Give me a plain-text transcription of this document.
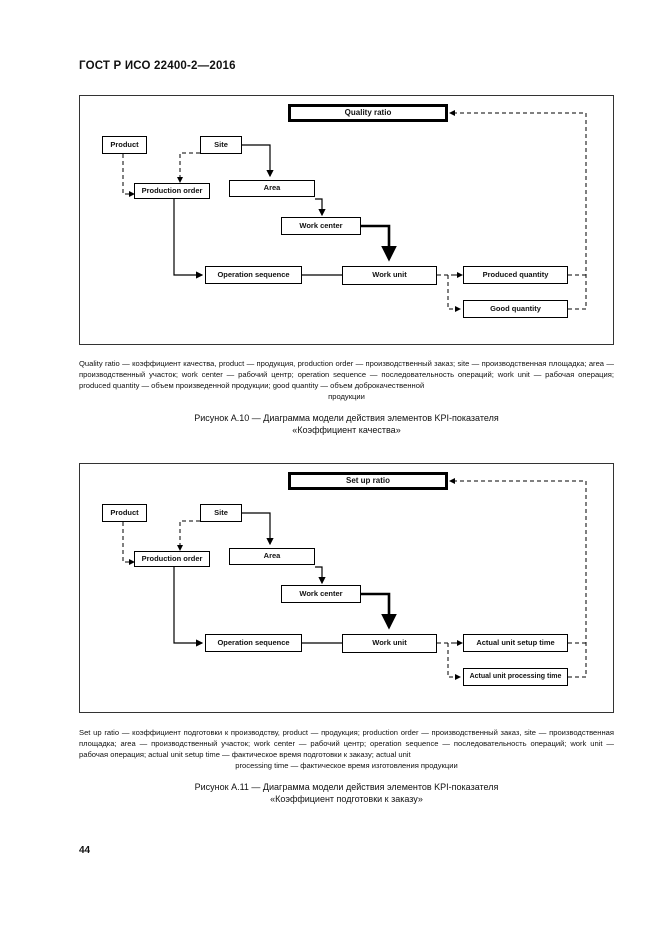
ГОСТ Р ИСО 22400-2—2016
Quality ratio
Product	Site
Production order	Area
Work center
Operation sequence	Work unit	Produced quantity
Good quantity
Quality ratio — коэффициент качества, product — продукция, production order — производственный заказ; site — производственная площадка; area — производственный участок; work center — рабочий центр; operation sequence — последовательность операций; work unit — рабочая операция; produced quantity — объем произведенной продукции; good quantity — объем доброкачественной
продукции
Рисунок А.10 — Диаграмма модели действия элементов KPI-показателя
«Коэффициент качества»
Set up ratio
Product	Site
Production order	Area
Work center
Operation sequence	Work unit	Actual unit setup time
Actual unit processing time
Set up ratio — коэффициент подготовки к производству, product — продукция; production order — производственный заказ, site — производственная площадка; area — производственный участок; work center — рабочий центр; operation sequence — последовательность операций; work unit — рабочая операция; actual unit setup time — фактическое время подготовки к заказу; actual unit
processing time — фактическое время изготовления продукции
Рисунок А.11 — Диаграмма модели действия элементов KPI-показателя
«Коэффициент подготовки к заказу»
44
